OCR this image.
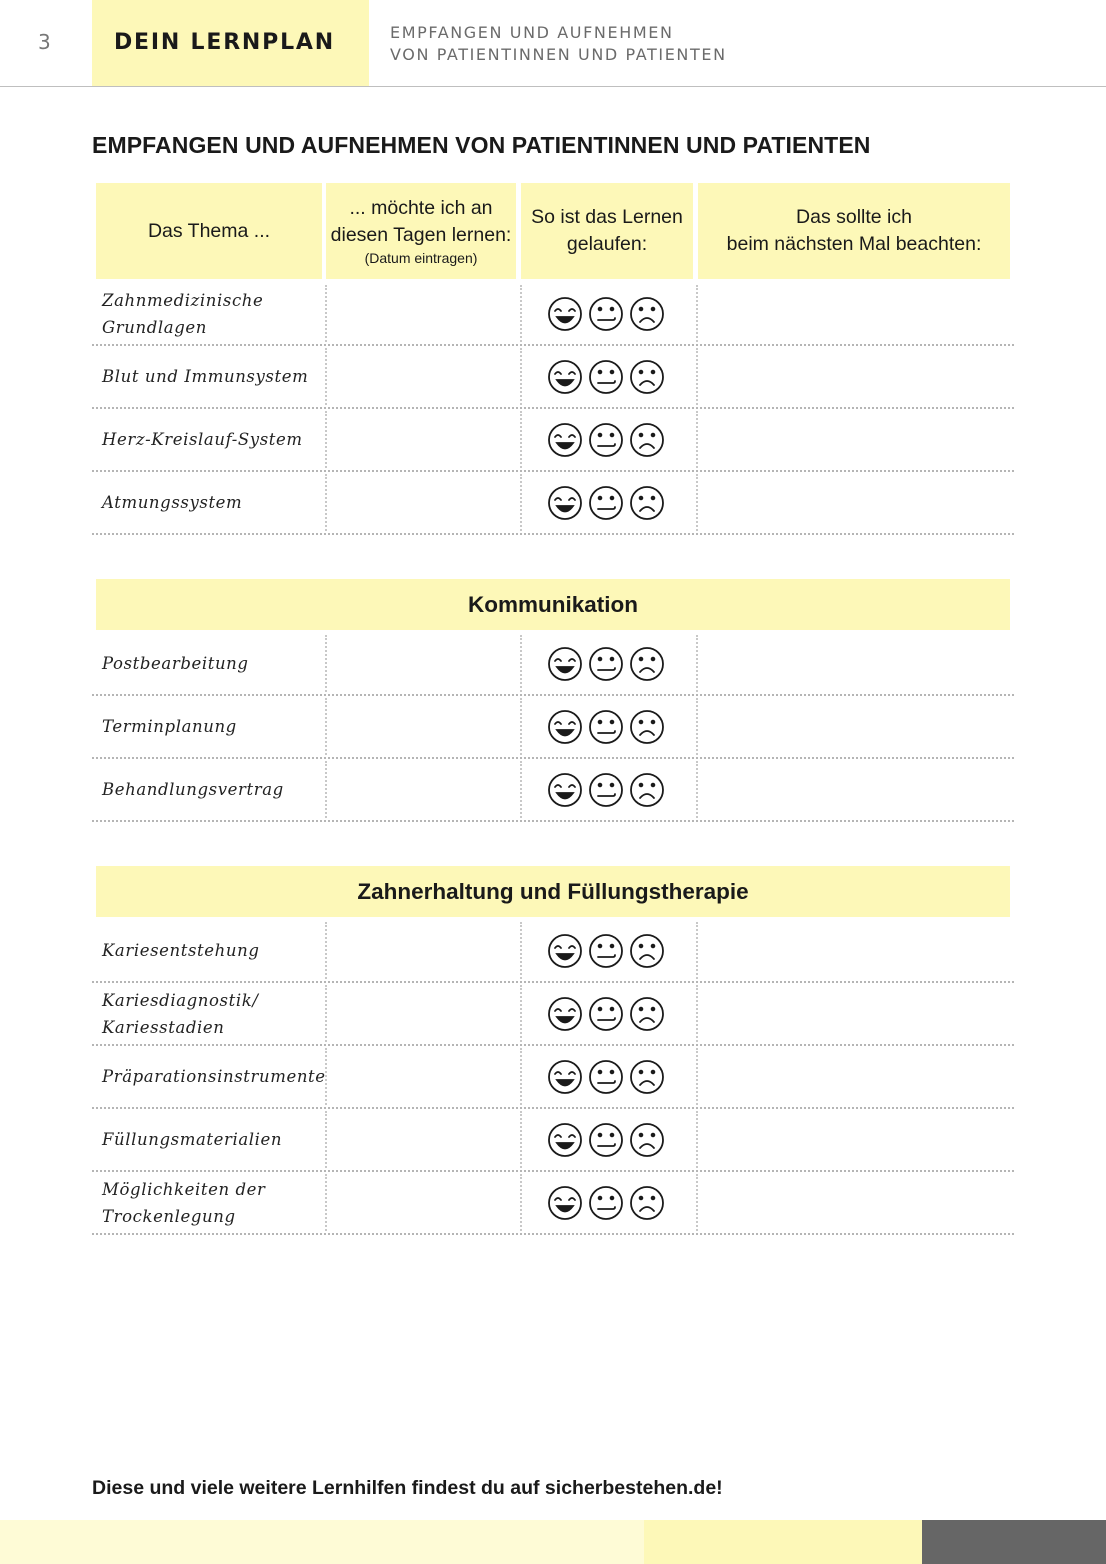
3	DEIN LERNPLAN	EMPFANGEN UND AUFNEHMEN
VON PATIENTINNEN UND PATIENTEN
EMPFANGEN UND AUFNEHMEN VON PATIENTINNEN UND PATIENTEN
Das Thema ...
... möchte ich an
diesen Tagen lernen:
(Datum eintragen)
So ist das Lernen
gelaufen:
Das sollte ich
beim nächsten Mal beachten:
Zahnmedizinische
Grundlagen
Blut und Immunsystem
Herz-Kreislauf-System
Atmungssystem
Kommunikation
Postbearbeitung
Terminplanung
Behandlungsvertrag
Zahnerhaltung und Füllungstherapie
Kariesentstehung
Kariesdiagnostik/
Kariesstadien
Präparationsinstrumente
Füllungsmaterialien
Möglichkeiten der
Trockenlegung
Diese und viele weitere Lernhilfen findest du auf sicherbestehen.de!
